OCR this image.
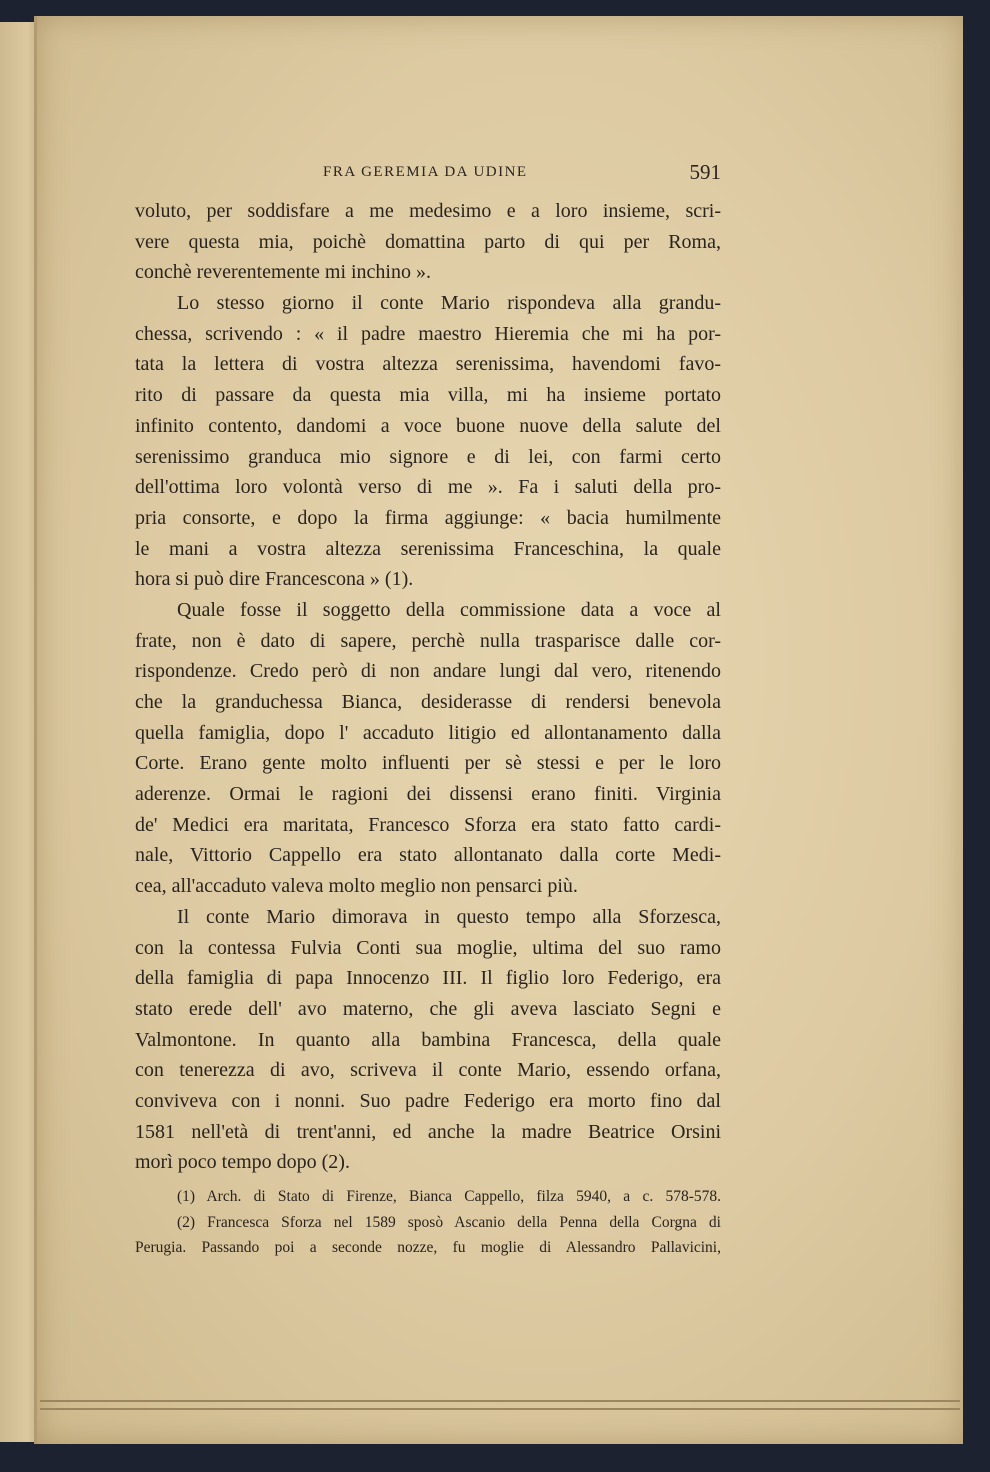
FRA GEREMIA DA UDINE	591

voluto, per soddisfare a me medesimo e a loro insieme, scri-
vere questa mia, poichè domattina parto di qui per Roma,
conchè reverentemente mi inchino ».

Lo stesso giorno il conte Mario rispondeva alla grandu-
chessa, scrivendo : « il padre maestro Hieremia che mi ha por-
tata la lettera di vostra altezza serenissima, havendomi favo-
rito di passare da questa mia villa, mi ha insieme portato
infinito contento, dandomi a voce buone nuove della salute del
serenissimo granduca mio signore e di lei, con farmi certo
dell'ottima loro volontà verso di me ». Fa i saluti della pro-
pria consorte, e dopo la firma aggiunge: « bacia humilmente
le mani a vostra altezza serenissima Franceschina, la quale
hora si può dire Francescona » (1).

Quale fosse il soggetto della commissione data a voce al
frate, non è dato di sapere, perchè nulla trasparisce dalle cor-
rispondenze. Credo però di non andare lungi dal vero, ritenendo
che la granduchessa Bianca, desiderasse di rendersi benevola
quella famiglia, dopo l' accaduto litigio ed allontanamento dalla
Corte. Erano gente molto influenti per sè stessi e per le loro
aderenze. Ormai le ragioni dei dissensi erano finiti. Virginia
de' Medici era maritata, Francesco Sforza era stato fatto cardi-
nale, Vittorio Cappello era stato allontanato dalla corte Medi-
cea, all'accaduto valeva molto meglio non pensarci più.

Il conte Mario dimorava in questo tempo alla Sforzesca,
con la contessa Fulvia Conti sua moglie, ultima del suo ramo
della famiglia di papa Innocenzo III. Il figlio loro Federigo, era
stato erede dell' avo materno, che gli aveva lasciato Segni e
Valmontone. In quanto alla bambina Francesca, della quale
con tenerezza di avo, scriveva il conte Mario, essendo orfana,
conviveva con i nonni. Suo padre Federigo era morto fino dal
1581 nell'età di trent'anni, ed anche la madre Beatrice Orsini
morì poco tempo dopo (2).

(1) Arch. di Stato di Firenze, Bianca Cappello, filza 5940, a c. 578-578.
(2) Francesca Sforza nel 1589 sposò Ascanio della Penna della Corgna di
Perugia. Passando poi a seconde nozze, fu moglie di Alessandro Pallavicini,
